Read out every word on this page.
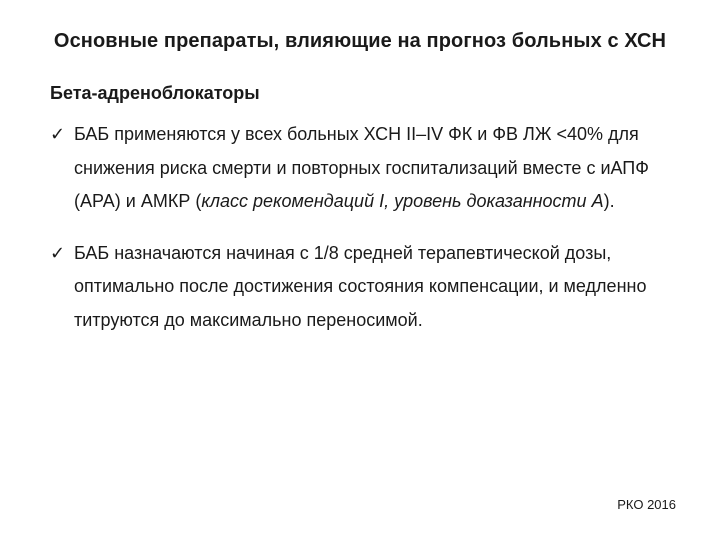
Основные препараты, влияющие на прогноз больных с ХСН
Бета-адреноблокаторы
✓ БАБ применяются у всех больных ХСН II–IV ФК и ФВ ЛЖ <40% для снижения риска смерти и повторных госпитализаций вместе с иАПФ (АРА) и АМКР (класс рекомендаций I, уровень доказанности А).
✓ БАБ назначаются начиная с 1/8 средней терапевтической дозы, оптимально после достижения состояния компенсации, и медленно титруются до максимально переносимой.
РКО 2016
